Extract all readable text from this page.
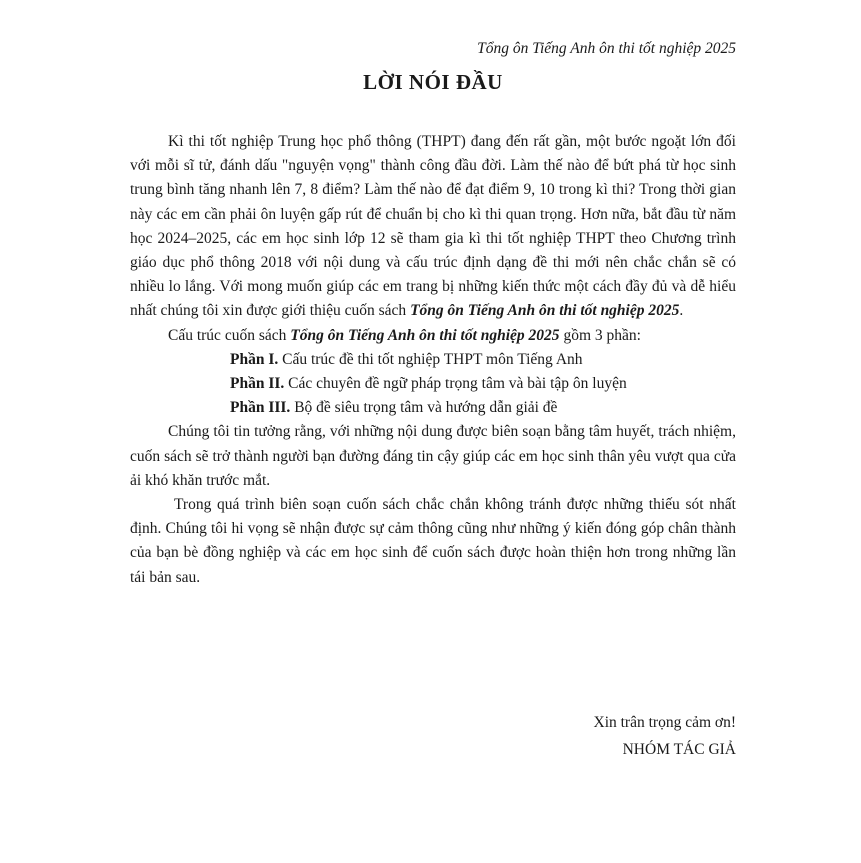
Tổng ôn Tiếng Anh ôn thi tốt nghiệp 2025
LỜI NÓI ĐẦU

Kì thi tốt nghiệp Trung học phổ thông (THPT) đang đến rất gần, một bước ngoặt lớn đối với mỗi sĩ tử, đánh dấu "nguyện vọng" thành công đầu đời. Làm thế nào để bứt phá từ học sinh trung bình tăng nhanh lên 7, 8 điểm? Làm thế nào để đạt điểm 9, 10 trong kì thi? Trong thời gian này các em cần phải ôn luyện gấp rút để chuẩn bị cho kì thi quan trọng. Hơn nữa, bắt đầu từ năm học 2024–2025, các em học sinh lớp 12 sẽ tham gia kì thi tốt nghiệp THPT theo Chương trình giáo dục phổ thông 2018 với nội dung và cấu trúc định dạng đề thi mới nên chắc chắn sẽ có nhiều lo lắng. Với mong muốn giúp các em trang bị những kiến thức một cách đầy đủ và dễ hiểu nhất chúng tôi xin được giới thiệu cuốn sách Tổng ôn Tiếng Anh ôn thi tốt nghiệp 2025.

Cấu trúc cuốn sách Tổng ôn Tiếng Anh ôn thi tốt nghiệp 2025 gồm 3 phần:

Phần I. Cấu trúc đề thi tốt nghiệp THPT môn Tiếng Anh

Phần II. Các chuyên đề ngữ pháp trọng tâm và bài tập ôn luyện

Phần III. Bộ đề siêu trọng tâm và hướng dẫn giải đề

Chúng tôi tin tưởng rằng, với những nội dung được biên soạn bằng tâm huyết, trách nhiệm, cuốn sách sẽ trở thành người bạn đường đáng tin cậy giúp các em học sinh thân yêu vượt qua cửa ải khó khăn trước mắt.

Trong quá trình biên soạn cuốn sách chắc chắn không tránh được những thiếu sót nhất định. Chúng tôi hi vọng sẽ nhận được sự cảm thông cũng như những ý kiến đóng góp chân thành của bạn bè đồng nghiệp và các em học sinh để cuốn sách được hoàn thiện hơn trong những lần tái bản sau.

Xin trân trọng cảm ơn!
NHÓM TÁC GIẢ
